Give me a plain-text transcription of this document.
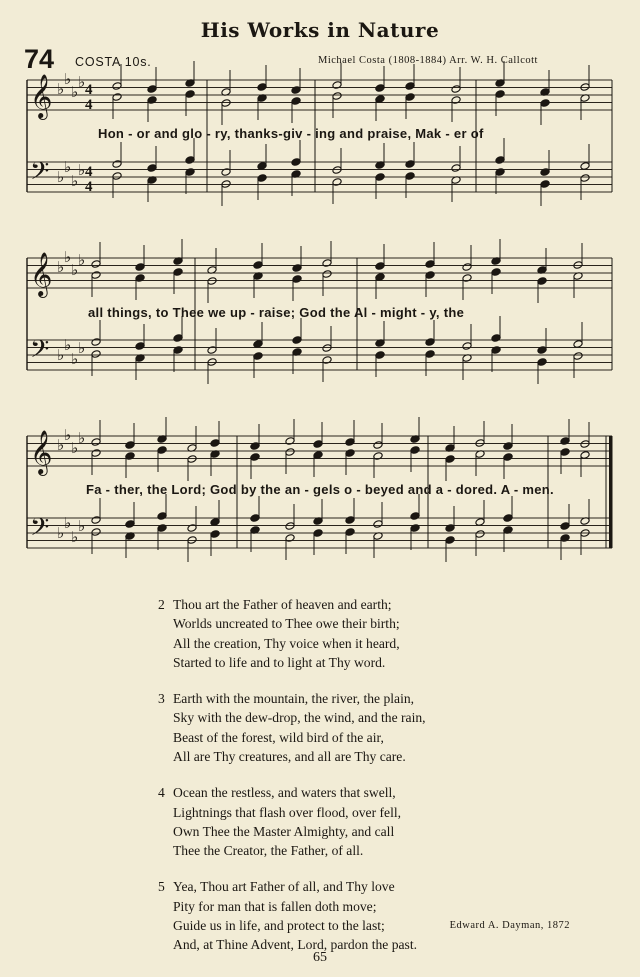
His Works in Nature
74 COSTA 10s.	Michael Costa (1808-1884) Arr. W. H. Callcott
𝄞 ♭
♭
♭
♭ 4
4
𝄢 ♭
♭
♭
♭ 4
4
𝄞 ♭
♭
♭
♭
𝄢 ♭
♭
♭
♭
𝄞 ♭
♭
♭
♭
𝄢 ♭
♭
♭
♭
Hon - or and glo - ry, thanks-giv - ing and praise, Mak - er of
all things, to Thee we up - raise; God the Al - might - y, the
Fa - ther, the Lord; God by the an - gels o - beyed and a - dored. A - men.
2 Thou art the Father of heaven and earth;
Worlds uncreated to Thee owe their birth;
All the creation, Thy voice when it heard,
Started to life and to light at Thy word.
3 Earth with the mountain, the river, the plain,
Sky with the dew-drop, the wind, and the rain,
Beast of the forest, wild bird of the air,
All are Thy creatures, and all are Thy care.
4 Ocean the restless, and waters that swell,
Lightnings that flash over flood, over fell,
Own Thee the Master Almighty, and call
Thee the Creator, the Father, of all.
5 Yea, Thou art Father of all, and Thy love
Pity for man that is fallen doth move;
Guide us in life, and protect to the last;
And, at Thine Advent, Lord, pardon the past.
Edward A. Dayman, 1872
65
